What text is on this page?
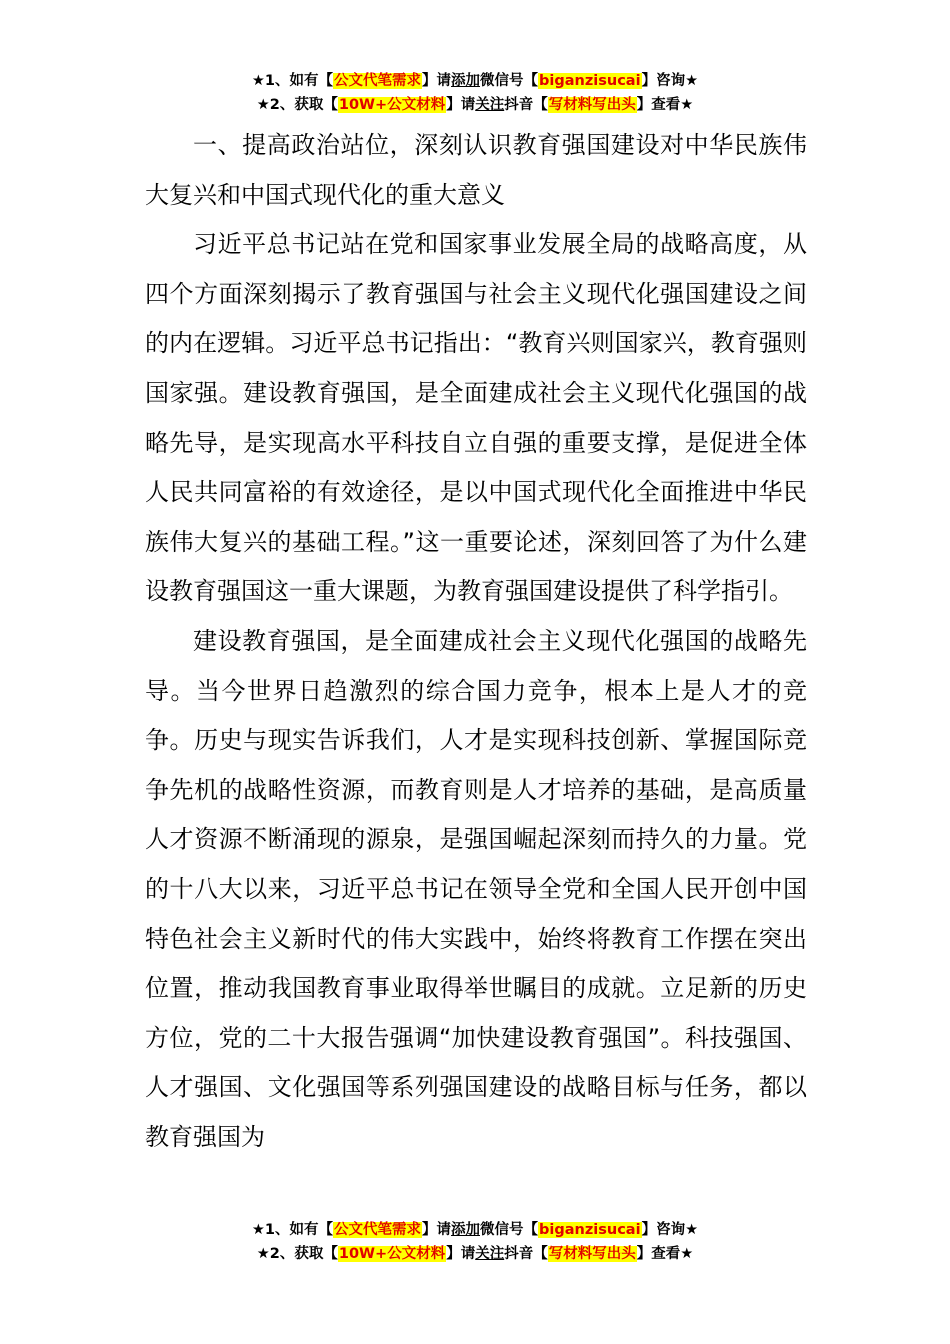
★1、如有【公文代笔需求】请添加微信号【biganzisucai】咨询★
★2、获取【10W+公文材料】请关注抖音【写材料写出头】查看★

一、提高政治站位，深刻认识教育强国建设对中华民族伟大复兴和中国式现代化的重大意义

习近平总书记站在党和国家事业发展全局的战略高度，从四个方面深刻揭示了教育强国与社会主义现代化强国建设之间的内在逻辑。习近平总书记指出：“教育兴则国家兴，教育强则国家强。建设教育强国，是全面建成社会主义现代化强国的战略先导，是实现高水平科技自立自强的重要支撑，是促进全体人民共同富裕的有效途径，是以中国式现代化全面推进中华民族伟大复兴的基础工程。”这一重要论述，深刻回答了为什么建设教育强国这一重大课题，为教育强国建设提供了科学指引。

建设教育强国，是全面建成社会主义现代化强国的战略先导。当今世界日趋激烈的综合国力竞争，根本上是人才的竞争。历史与现实告诉我们，人才是实现科技创新、掌握国际竞争先机的战略性资源，而教育则是人才培养的基础，是高质量人才资源不断涌现的源泉，是强国崛起深刻而持久的力量。党的十八大以来，习近平总书记在领导全党和全国人民开创中国特色社会主义新时代的伟大实践中，始终将教育工作摆在突出位置，推动我国教育事业取得举世瞩目的成就。立足新的历史方位，党的二十大报告强调“加快建设教育强国”。科技强国、人才强国、文化强国等系列强国建设的战略目标与任务，都以教育强国为

★1、如有【公文代笔需求】请添加微信号【biganzisucai】咨询★
★2、获取【10W+公文材料】请关注抖音【写材料写出头】查看★
